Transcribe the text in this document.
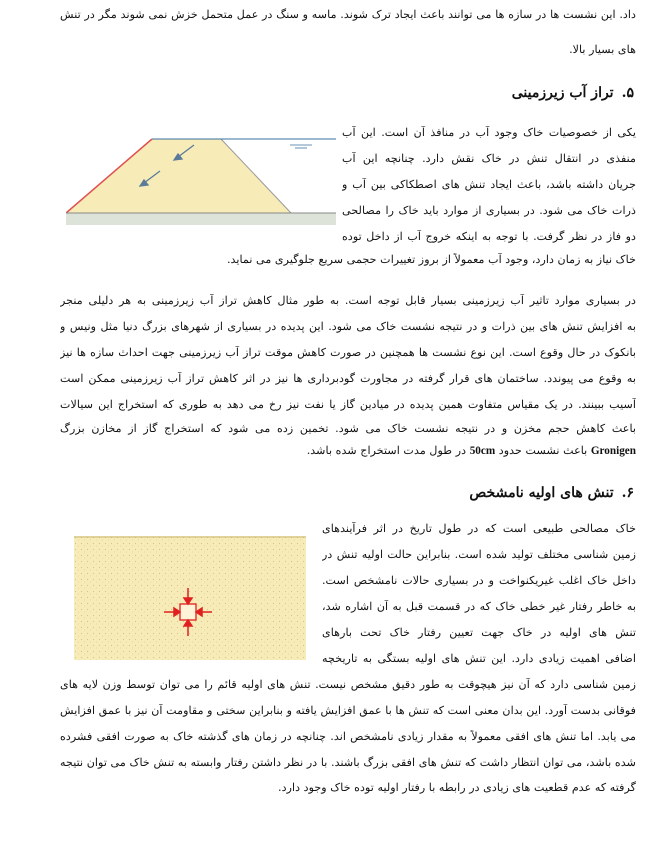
داد. این نشست ها در سازه ها می توانند باعث ایجاد ترک شوند. ماسه و سنگ در عمل متحمل خزش نمی شوند مگر در تنش
های بسیار بالا.
۵.تراز آب زیرزمینی
یکی از خصوصیات خاک وجود آب در منافذ آن است. این آب
منفذی در انتقال تنش در خاک نقش دارد. چنانچه این آب
جریان داشته باشد، باعث ایجاد تنش های اصطکاکی بین آب و
ذرات خاک می شود. در بسیاری از موارد باید خاک را مصالحی
دو فاز در نظر گرفت. با توجه به اینکه خروج آب از داخل توده
خاک نیاز به زمان دارد، وجود آب معمولاً از بروز تغییرات حجمی سریع جلوگیری می نماید.
در بسیاری موارد تاثیر آب زیرزمینی بسیار قابل توجه است. به طور مثال کاهش تراز آب زیرزمینی به هر دلیلی منجر
به افزایش تنش های بین ذرات و در نتیجه نشست خاک می شود. این پدیده در بسیاری از شهرهای بزرگ دنیا مثل ونیس و
بانکوک در حال وقوع است. این نوع نشست ها همچنین در صورت کاهش موقت تراز آب زیرزمینی جهت احداث سازه ها نیز
به وقوع می پیوندد. ساختمان های قرار گرفته در مجاورت گودبرداری ها نیز در اثر کاهش تراز آب زیرزمینی ممکن است
آسیب ببینند. در یک مقیاس متفاوت همین پدیده در میادین گاز یا نفت نیز رخ می دهد به طوری که استخراج این سیالات
باعث کاهش حجم مخزن و در نتیجه نشست خاک می شود. تخمین زده می شود که استخراج گاز از مخازن بزرگ
Gronigen باعث نشست حدود 50cm در طول مدت استخراج شده باشد.
۶.تنش های اولیه نامشخص
خاک مصالحی طبیعی است که در طول تاریخ در اثر فرآیندهای
زمین شناسی مختلف تولید شده است. بنابراین حالت اولیه تنش در
داخل خاک اغلب غیریکنواخت و در بسیاری حالات نامشخص است.
به خاطر رفتار غیر خطی خاک که در قسمت قبل به آن اشاره شد،
تنش های اولیه در خاک جهت تعیین رفتار خاک تحت بارهای
اضافی اهمیت زیادی دارد. این تنش های اولیه بستگی به تاریخچه
زمین شناسی دارد که آن نیز هیچوقت به طور دقیق مشخص نیست. تنش های اولیه قائم را می توان توسط وزن لایه های
فوقانی بدست آورد. این بدان معنی است که تنش ها با عمق افزایش یافته و بنابراین سختی و مقاومت آن نیز با عمق افزایش
می یابد. اما تنش های افقی معمولاً به مقدار زیادی نامشخص اند. چنانچه در زمان های گذشته خاک به صورت افقی فشرده
شده باشد، می توان انتظار داشت که تنش های افقی بزرگ باشند. با در نظر داشتن رفتار وابسته به تنش خاک می توان نتیجه
گرفته که عدم قطعیت های زیادی در رابطه با رفتار اولیه توده خاک وجود دارد.
